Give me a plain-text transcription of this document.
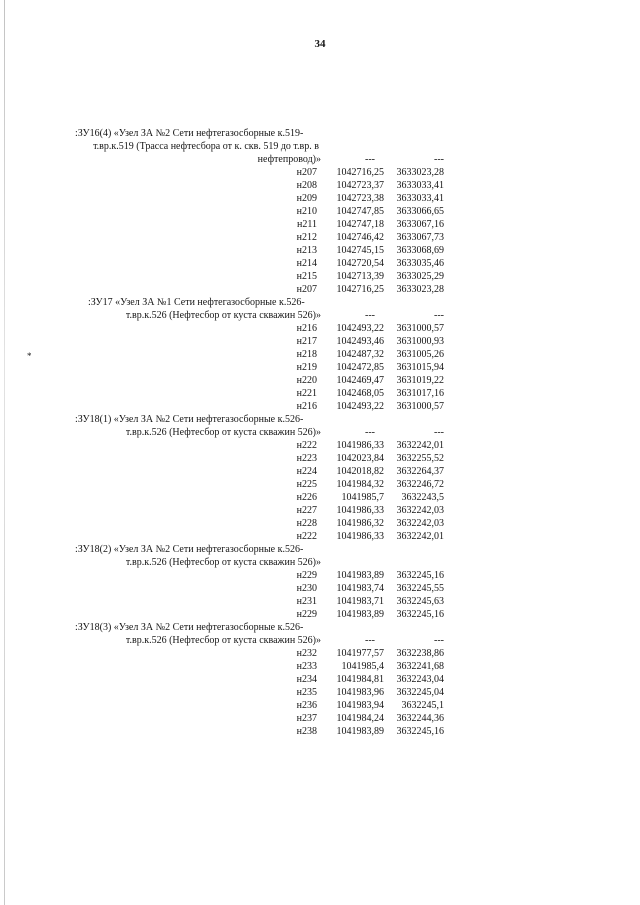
*
34
:ЗУ16(4) «Узел ЗА №2 Сети нефтегазосборные к.519-
т.вр.к.519 (Трасса нефтесбора от к. скв. 519 до т.вр. в
нефтепровод)»	---	---
н207 1042716,25 3633023,28
н208 1042723,37 3633033,41
н209 1042723,38 3633033,41
н210 1042747,85 3633066,65
н211 1042747,18 3633067,16
н212 1042746,42 3633067,73
н213 1042745,15 3633068,69
н214 1042720,54 3633035,46
н215 1042713,39 3633025,29
н207 1042716,25 3633023,28
:ЗУ17 «Узел ЗА №1 Сети нефтегазосборные к.526-
т.вр.к.526 (Нефтесбор от куста скважин 526)»	---	---
н216 1042493,22 3631000,57
н217 1042493,46 3631000,93
н218 1042487,32 3631005,26
н219 1042472,85 3631015,94
н220 1042469,47 3631019,22
н221 1042468,05 3631017,16
н216 1042493,22 3631000,57
:ЗУ18(1) «Узел ЗА №2 Сети нефтегазосборные к.526-
т.вр.к.526 (Нефтесбор от куста скважин 526)»	---	---
н222 1041986,33 3632242,01
н223 1042023,84 3632255,52
н224 1042018,82 3632264,37
н225 1041984,32 3632246,72
н226 1041985,7 3632243,5
н227 1041986,33 3632242,03
н228 1041986,32 3632242,03
н222 1041986,33 3632242,01
:ЗУ18(2) «Узел ЗА №2 Сети нефтегазосборные к.526-
т.вр.к.526 (Нефтесбор от куста скважин 526)»
н229 1041983,89 3632245,16
н230 1041983,74 3632245,55
н231 1041983,71 3632245,63
н229 1041983,89 3632245,16
:ЗУ18(3) «Узел ЗА №2 Сети нефтегазосборные к.526-
т.вр.к.526 (Нефтесбор от куста скважин 526)»	---	---
н232 1041977,57 3632238,86
н233 1041985,4 3632241,68
н234 1041984,81 3632243,04
н235 1041983,96 3632245,04
н236 1041983,94 3632245,1
н237 1041984,24 3632244,36
н238 1041983,89 3632245,16
